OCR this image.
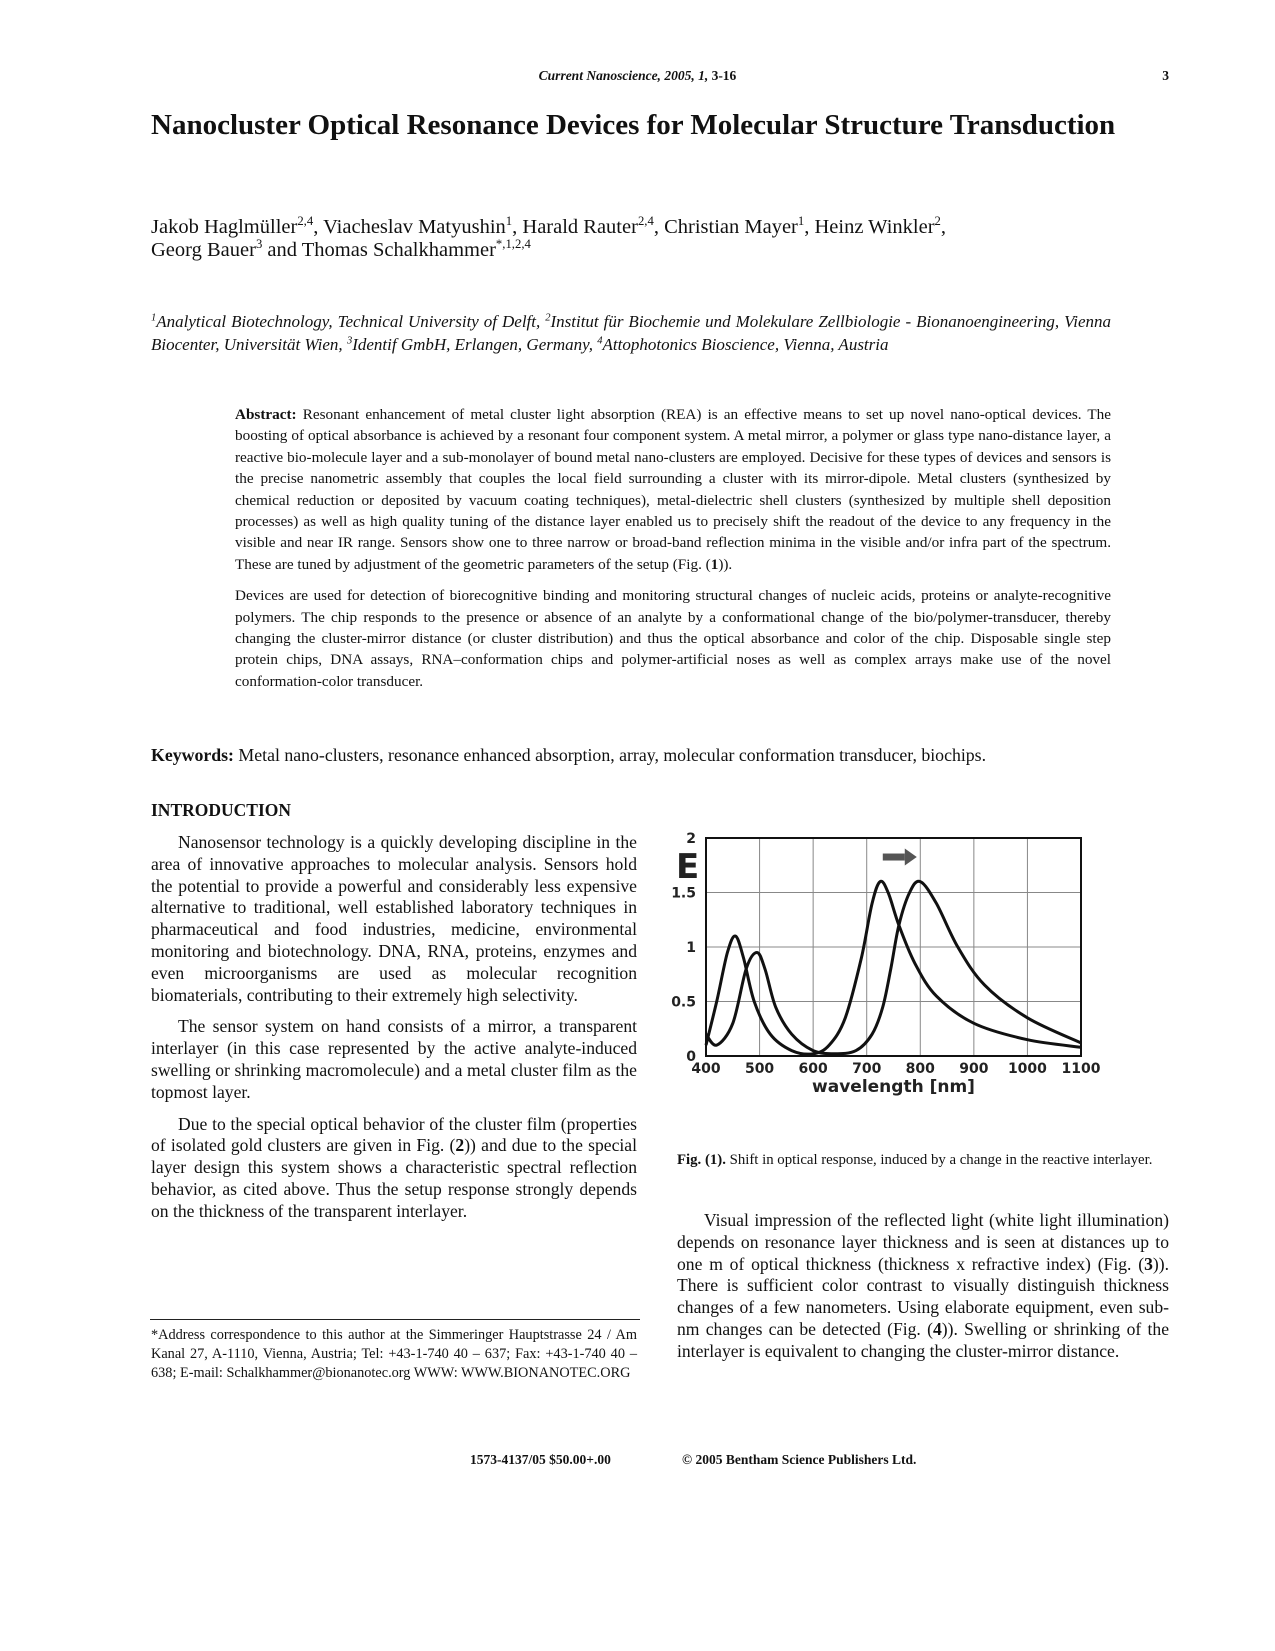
Current Nanoscience, 2005, 1, 3-16	3
Nanocluster Optical Resonance Devices for Molecular Structure Transduction
Jakob Haglmüller$^{2,4}$, Viacheslav Matyushin$^1$, Harald Rauter$^{2,4}$, Christian Mayer$^1$, Heinz Winkler$^2$,
Georg Bauer$^3$ and Thomas Schalkhammer$^{*,1,2,4}$
$^1$Analytical Biotechnology, Technical University of Delft, $^2$Institut für Biochemie und Molekulare Zellbiologie - Bionanoengineering, Vienna Biocenter, Universität Wien, $^3$Identif GmbH, Erlangen, Germany, $^4$Attophotonics Bioscience, Vienna, Austria

Abstract: Resonant enhancement of metal cluster light absorption (REA) is an effective means to set up novel nano-optical devices. The boosting of optical absorbance is achieved by a resonant four component system. A metal mirror, a polymer or glass type nano-distance layer, a reactive bio-molecule layer and a sub-monolayer of bound metal nano-clusters are employed. Decisive for these types of devices and sensors is the precise nanometric assembly that couples the local field surrounding a cluster with its mirror-dipole. Metal clusters (synthesized by chemical reduction or deposited by vacuum coating techniques), metal-dielectric shell clusters (synthesized by multiple shell deposition processes) as well as high quality tuning of the distance layer enabled us to precisely shift the readout of the device to any frequency in the visible and near IR range. Sensors show one to three narrow or broad-band reflection minima in the visible and/or infra part of the spectrum. These are tuned by adjustment of the geometric parameters of the setup (Fig. (1)).

Devices are used for detection of biorecognitive binding and monitoring structural changes of nucleic acids, proteins or analyte-recognitive polymers. The chip responds to the presence or absence of an analyte by a conformational change of the bio/polymer-transducer, thereby changing the cluster-mirror distance (or cluster distribution) and thus the optical absorbance and color of the chip. Disposable single step protein chips, DNA assays, RNA–conformation chips and polymer-artificial noses as well as complex arrays make use of the novel conformation-color transducer.

Keywords: Metal nano-clusters, resonance enhanced absorption, array, molecular conformation transducer, biochips.
INTRODUCTION

Nanosensor technology is a quickly developing discipline in the area of innovative approaches to molecular analysis. Sensors hold the potential to provide a powerful and considerably less expensive alternative to traditional, well established laboratory techniques in pharmaceutical and food industries, medicine, environmental monitoring and biotechnology. DNA, RNA, proteins, enzymes and even microorganisms are used as molecular recognition biomaterials, contributing to their extremely high selectivity.

The sensor system on hand consists of a mirror, a transparent interlayer (in this case represented by the active analyte-induced swelling or shrinking macromolecule) and a metal cluster film as the topmost layer.

Due to the special optical behavior of the cluster film (properties of isolated gold clusters are given in Fig. (2)) and due to the special layer design this system shows a characteristic spectral reflection behavior, as cited above. Thus the setup response strongly depends on the thickness of the transparent interlayer.

*Address correspondence to this author at the Simmeringer Hauptstrasse 24 / Am Kanal 27, A-1110, Vienna, Austria; Tel: +43-1-740 40 – 637; Fax: +43-1-740 40 – 638; E-mail: Schalkhammer@bionanotec.org WWW: WWW.BIONANOTEC.ORG
400 500 600 700 800 900 1000 1100
0
0.5
1
1.5
2
E
wavelength [nm]
Fig. (1). Shift in optical response, induced by a change in the reactive interlayer.

Visual impression of the reflected light (white light illumination) depends on resonance layer thickness and is seen at distances up to one m of optical thickness (thickness x refractive index) (Fig. (3)). There is sufficient color contrast to visually distinguish thickness changes of a few nanometers. Using elaborate equipment, even sub-nm changes can be detected (Fig. (4)). Swelling or shrinking of the interlayer is equivalent to changing the cluster-mirror distance.

1573-4137/05 $50.00+.00	© 2005 Bentham Science Publishers Ltd.
